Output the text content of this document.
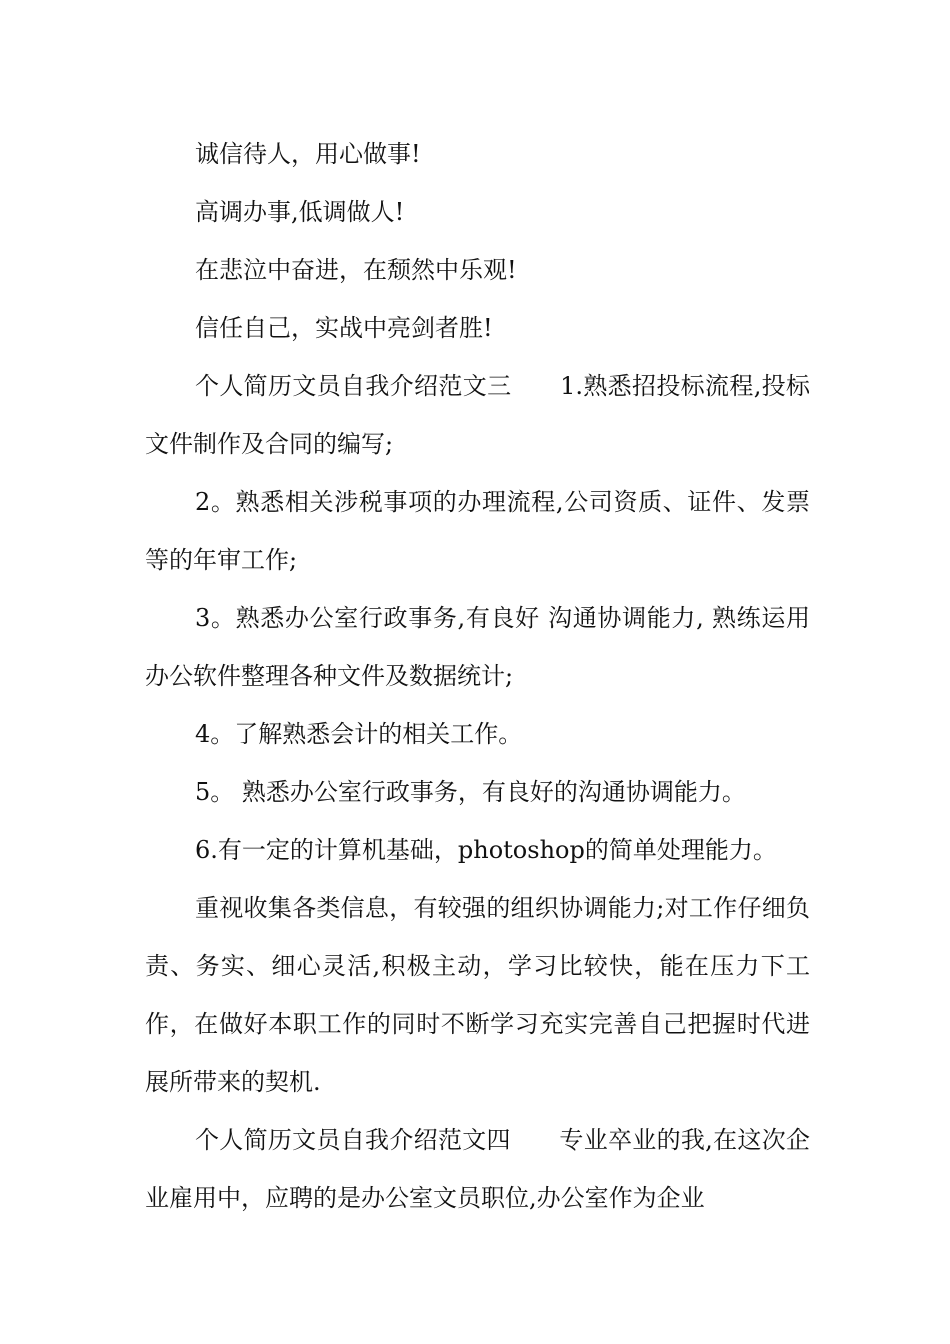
诚信待人，用心做事!

高调办事,低调做人!

在悲泣中奋进，在颓然中乐观!

信任自己，实战中亮剑者胜!

个人简历文员自我介绍范文三　　1.熟悉招投标流程,投标文件制作及合同的编写;

2。熟悉相关涉税事项的办理流程,公司资质、证件、发票等的年审工作;

3。熟悉办公室行政事务,有良好 沟通协调能力, 熟练运用办公软件整理各种文件及数据统计;

4。了解熟悉会计的相关工作。

5。 熟悉办公室行政事务，有良好的沟通协调能力。

6.有一定的计算机基础，photoshop的简单处理能力。

重视收集各类信息，有较强的组织协调能力;对工作仔细负责、务实、细心灵活,积极主动，学习比较快，能在压力下工作，在做好本职工作的同时不断学习充实完善自己把握时代进展所带来的契机.

个人简历文员自我介绍范文四　　专业卒业的我,在这次企业雇用中，应聘的是办公室文员职位,办公室作为企业
